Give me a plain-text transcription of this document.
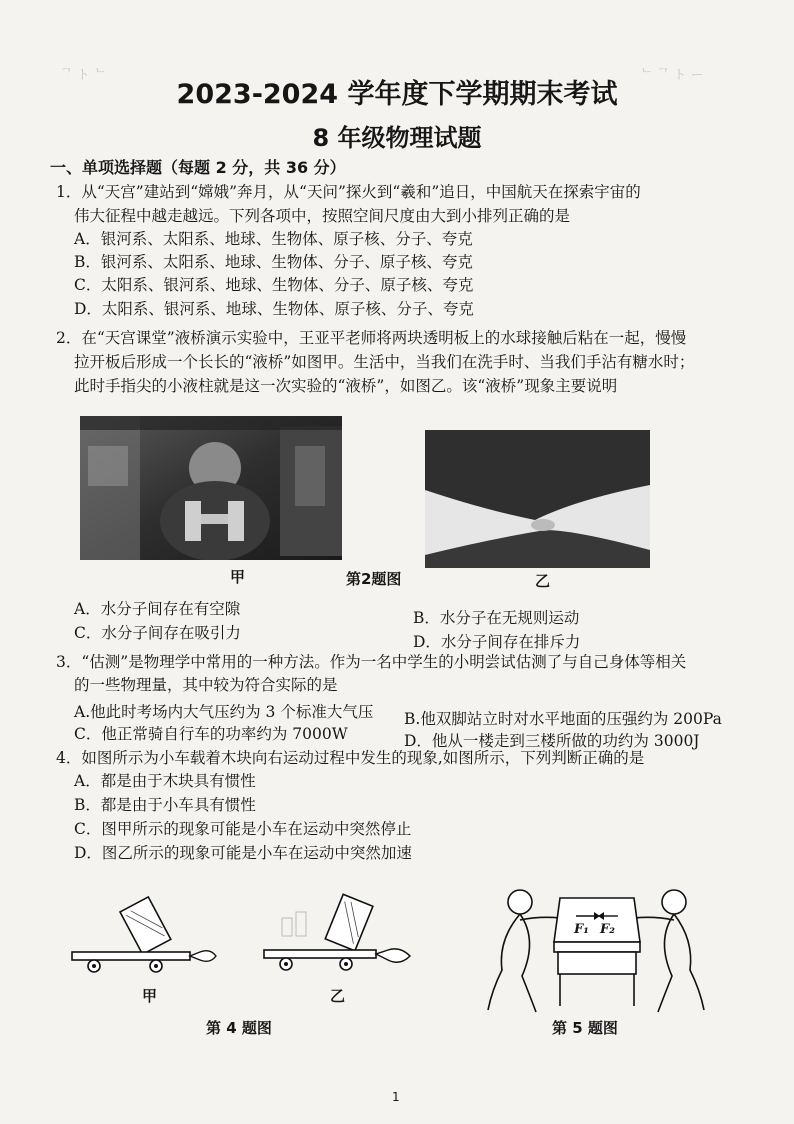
ᄂ ᄀ ト ー
ᄀ ト ᄂ
2023-2024 学年度下学期期末考试
8 年级物理试题
一、单项选择题（每题 2 分，共 36 分）
1．从“天宫”建站到“嫦娥”奔月，从“天问”探火到“羲和”追日，中国航天在探索宇宙的
伟大征程中越走越远。下列各项中，按照空间尺度由大到小排列正确的是
A．银河系、太阳系、地球、生物体、原子核、分子、夸克
B．银河系、太阳系、地球、生物体、分子、原子核、夸克
C．太阳系、银河系、地球、生物体、分子、原子核、夸克
D．太阳系、银河系、地球、生物体、原子核、分子、夸克
2．在“天宫课堂”液桥演示实验中，王亚平老师将两块透明板上的水球接触后粘在一起，慢慢
拉开板后形成一个长长的“液桥”如图甲。生活中，当我们在洗手时、当我们手沾有糖水时；
此时手指尖的小液柱就是这一次实验的“液桥”，如图乙。该“液桥”现象主要说明
甲	第2题图	乙
A．水分子间存在有空隙	B．水分子在无规则运动
C．水分子间存在吸引力	D．水分子间存在排斥力
3．“估测”是物理学中常用的一种方法。作为一名中学生的小明尝试估测了与自己身体等相关
的一些物理量，其中较为符合实际的是
A.他此时考场内大气压约为 3 个标准大气压 B.他双脚站立时对水平地面的压强约为 200Pa
C．他正常骑自行车的功率约为 7000W	D．他从一楼走到三楼所做的功约为 3000J
4．如图所示为小车载着木块向右运动过程中发生的现象,如图所示，下列判断正确的是
A．都是由于木块具有惯性
B．都是由于小车具有惯性
C．图甲所示的现象可能是小车在运动中突然停止
D．图乙所示的现象可能是小车在运动中突然加速
甲	乙
第 4 题图
F₁ F₂
第 5 题图
1
